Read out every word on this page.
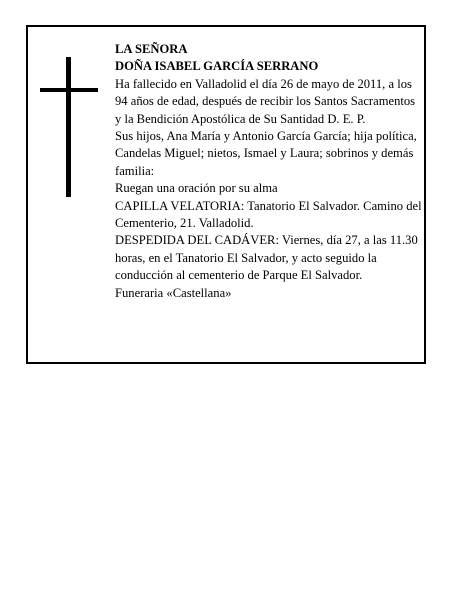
LA SEÑORA

DOÑA ISABEL GARCÍA SERRANO

Ha fallecido en Valladolid el día 26 de mayo de 2011, a los 94 años de edad, después de recibir los Santos Sacramentos y la Bendición Apostólica de Su Santidad D. E. P.

Sus hijos, Ana María y Antonio García García; hija política, Candelas Miguel; nietos, Ismael y Laura; sobrinos y demás familia:

Ruegan una oración por su alma

CAPILLA VELATORIA: Tanatorio El Salvador. Camino del Cementerio, 21. Valladolid.

DESPEDIDA DEL CADÁVER: Viernes, día 27, a las 11.30 horas, en el Tanatorio El Salvador, y acto seguido la conducción al cementerio de Parque El Salvador.

Funeraria «Castellana»
